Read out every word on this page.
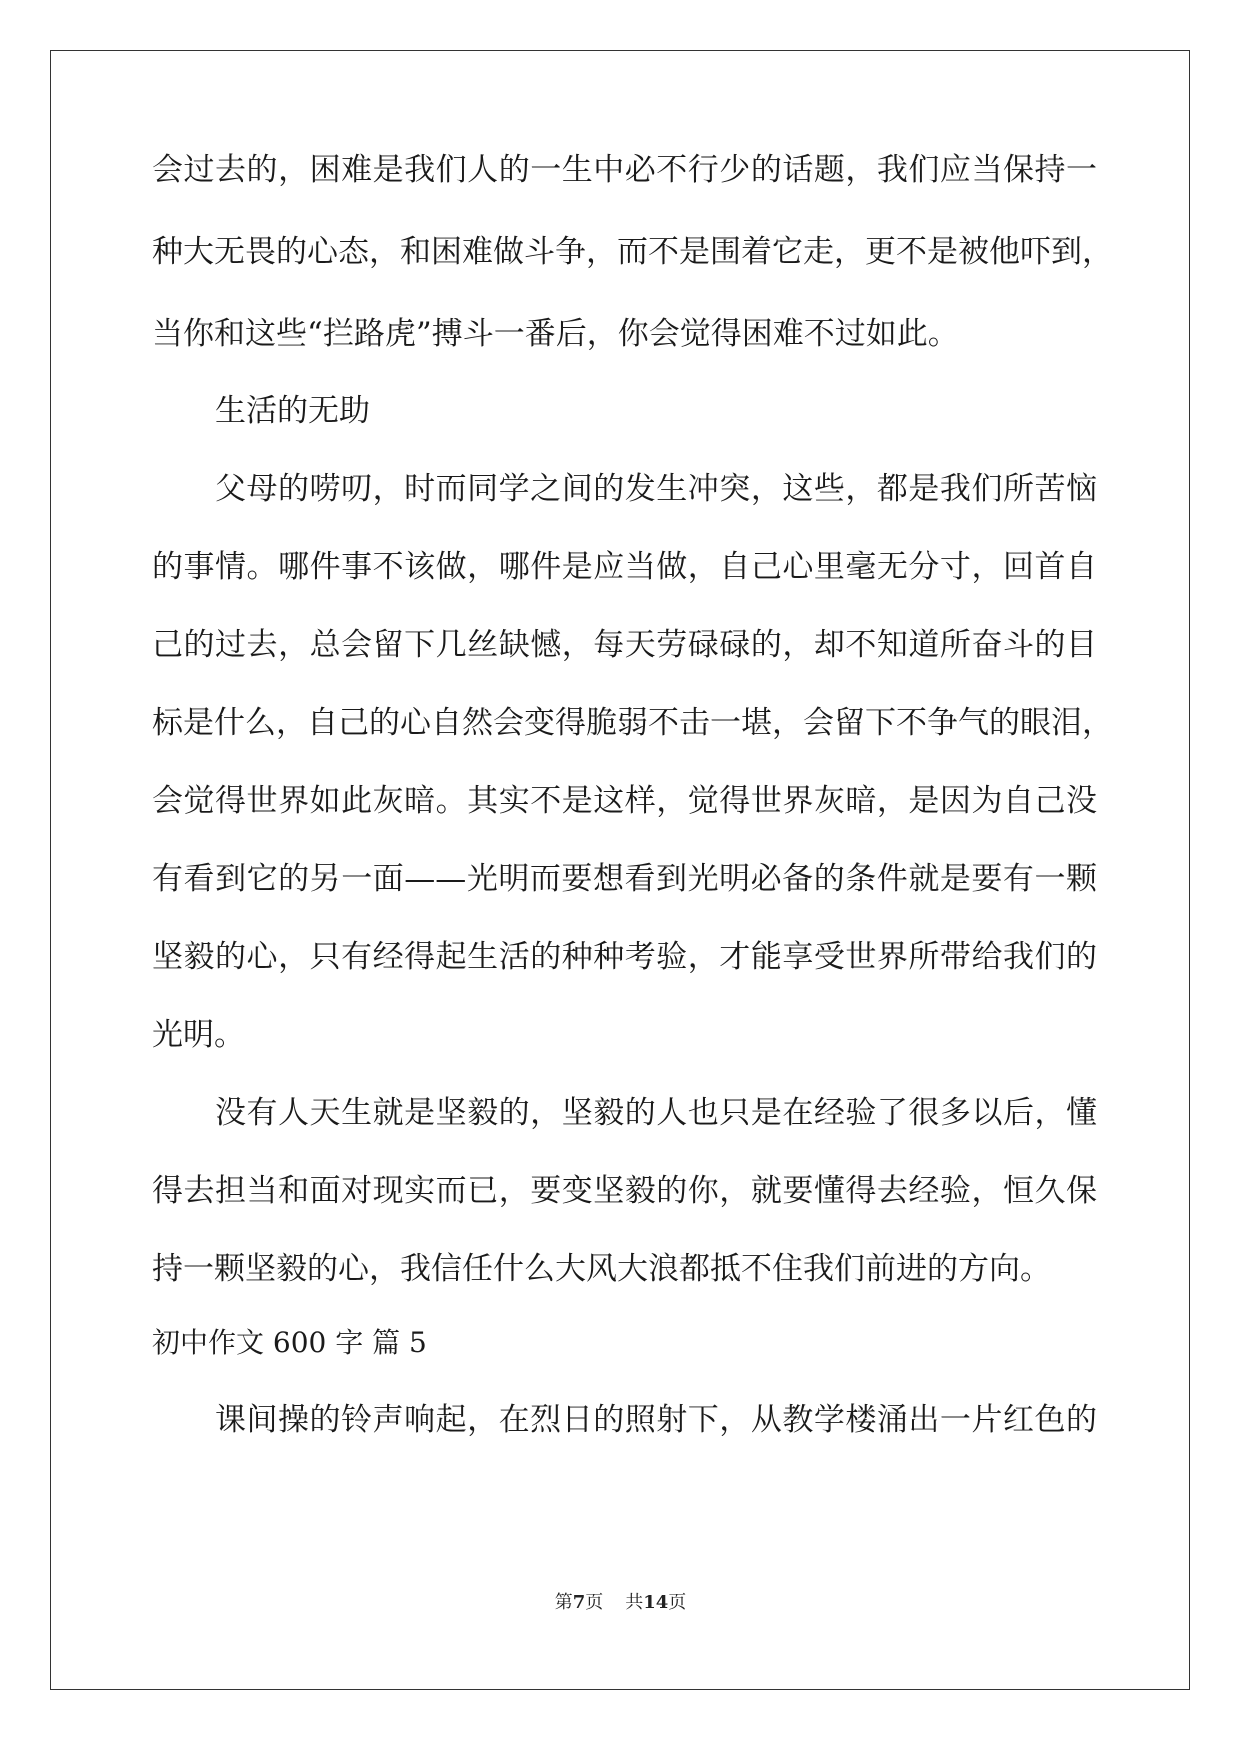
会过去的，困难是我们人的一生中必不行少的话题，我们应当保持一
种大无畏的心态，和困难做斗争，而不是围着它走，更不是被他吓到，
当你和这些“拦路虎”搏斗一番后，你会觉得困难不过如此。
生活的无助
父母的唠叨，时而同学之间的发生冲突，这些，都是我们所苦恼
的事情。哪件事不该做，哪件是应当做，自己心里毫无分寸，回首自
己的过去，总会留下几丝缺憾，每天劳碌碌的，却不知道所奋斗的目
标是什么，自己的心自然会变得脆弱不击一堪，会留下不争气的眼泪，
会觉得世界如此灰暗。其实不是这样，觉得世界灰暗，是因为自己没
有看到它的另一面——光明而要想看到光明必备的条件就是要有一颗
坚毅的心，只有经得起生活的种种考验，才能享受世界所带给我们的
光明。
没有人天生就是坚毅的，坚毅的人也只是在经验了很多以后，懂
得去担当和面对现实而已，要变坚毅的你，就要懂得去经验，恒久保
持一颗坚毅的心，我信任什么大风大浪都抵不住我们前进的方向。
初中作文 600 字 篇 5
课间操的铃声响起，在烈日的照射下，从教学楼涌出一片红色的
第7页 共14页
